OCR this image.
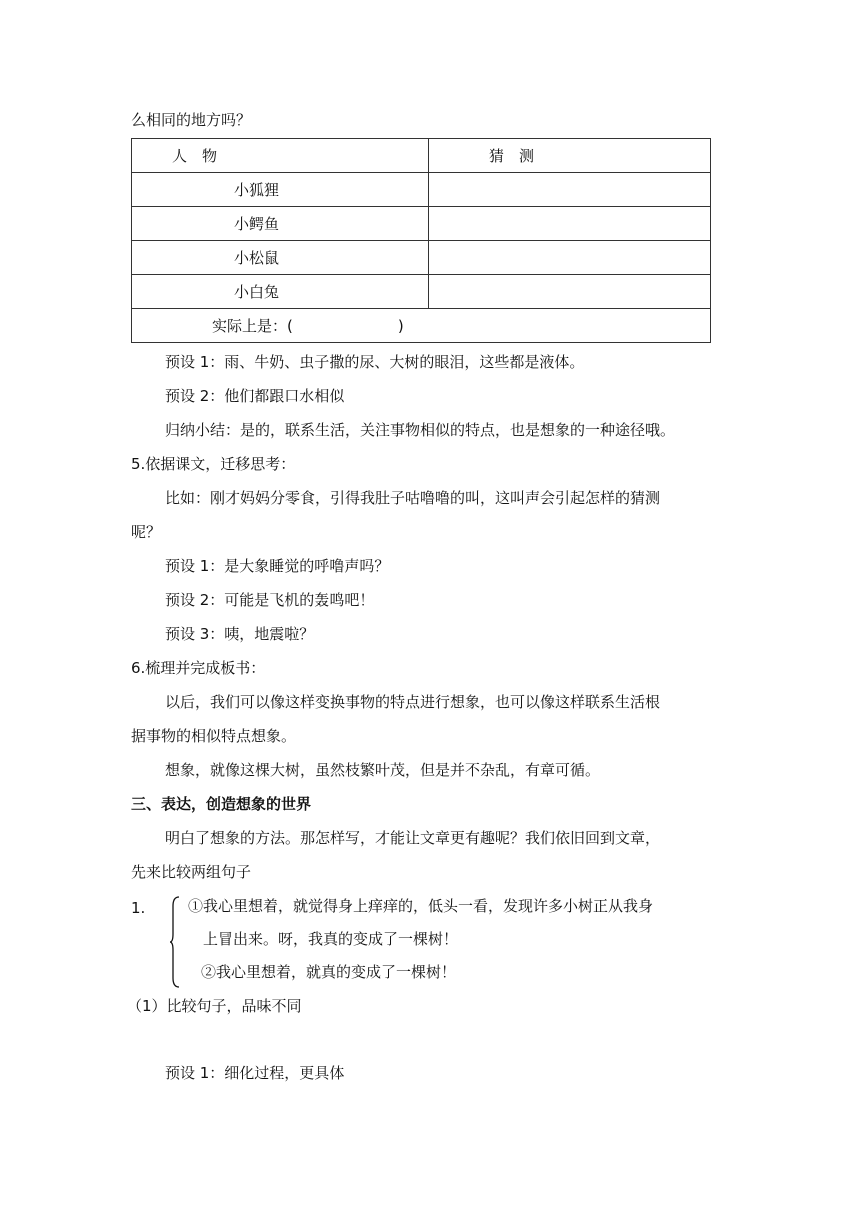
么相同的地方吗？
人　物	猜　测
小狐狸	
小鳄鱼	
小松鼠	
小白兔	
实际上是：(　　　　　　　)	
预设 1：雨、牛奶、虫子撒的尿、大树的眼泪，这些都是液体。
预设 2：他们都跟口水相似
归纳小结：是的，联系生活，关注事物相似的特点，也是想象的一种途径哦。
5.依据课文，迁移思考：
比如：刚才妈妈分零食，引得我肚子咕噜噜的叫，这叫声会引起怎样的猜测
呢？
预设 1：是大象睡觉的呼噜声吗？
预设 2：可能是飞机的轰鸣吧！
预设 3：咦，地震啦？
6.梳理并完成板书：
以后，我们可以像这样变换事物的特点进行想象，也可以像这样联系生活根
据事物的相似特点想象。
想象，就像这棵大树，虽然枝繁叶茂，但是并不杂乱，有章可循。
三、表达，创造想象的世界
明白了想象的方法。那怎样写，才能让文章更有趣呢？我们依旧回到文章，
先来比较两组句子
1.	①我心里想着，就觉得身上痒痒的，低头一看，发现许多小树正从我身
上冒出来。呀，我真的变成了一棵树！
②我心里想着，就真的变成了一棵树！
（1）比较句子，品味不同
预设 1：细化过程，更具体
